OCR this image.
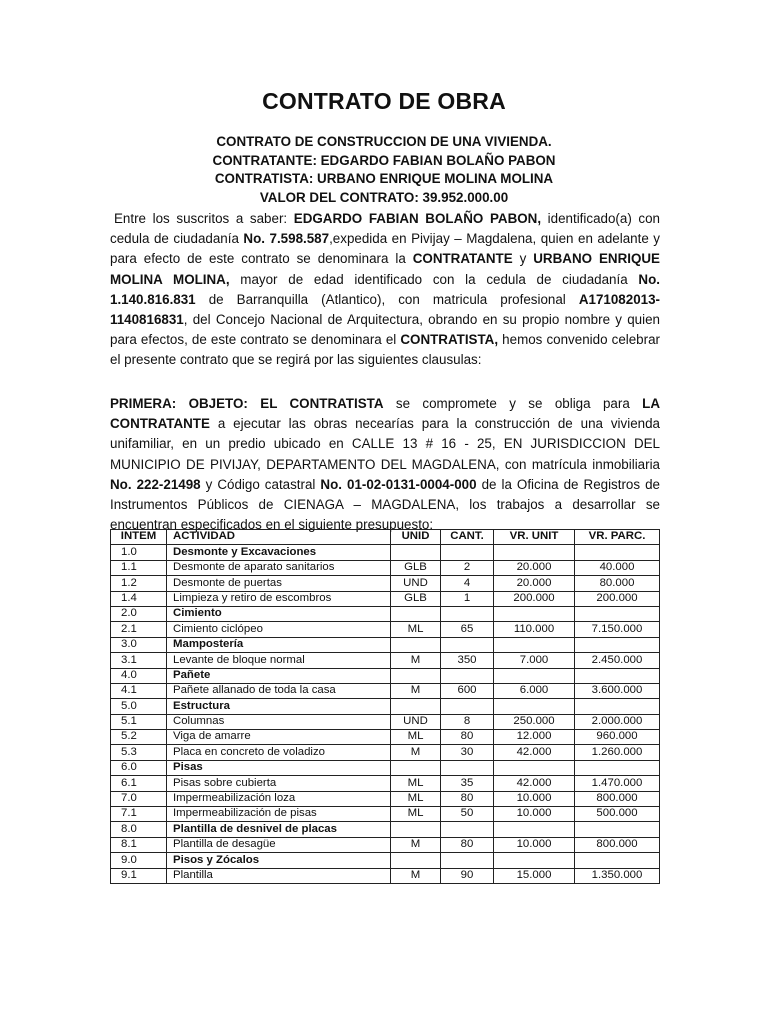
CONTRATO DE OBRA
CONTRATO DE CONSTRUCCION DE UNA VIVIENDA.
CONTRATANTE: EDGARDO FABIAN BOLAÑO PABON
CONTRATISTA: URBANO ENRIQUE MOLINA MOLINA
VALOR DEL CONTRATO: 39.952.000.00
Entre los suscritos a saber: EDGARDO FABIAN BOLAÑO PABON, identificado(a) con cedula de ciudadanía No. 7.598.587,expedida en Pivijay – Magdalena, quien en adelante y para efecto de este contrato se denominara la CONTRATANTE y URBANO ENRIQUE MOLINA MOLINA, mayor de edad identificado con la cedula de ciudadanía No. 1.140.816.831 de Barranquilla (Atlantico), con matricula profesional A171082013-1140816831, del Concejo Nacional de Arquitectura, obrando en su propio nombre y quien para efectos, de este contrato se denominara el CONTRATISTA, hemos convenido celebrar el presente contrato que se regirá por las siguientes clausulas:
PRIMERA: OBJETO: EL CONTRATISTA se compromete y se obliga para LA CONTRATANTE a ejecutar las obras necearías para la construcción de una vivienda unifamiliar, en un predio ubicado en CALLE 13 # 16 - 25, EN JURISDICCION DEL MUNICIPIO DE PIVIJAY, DEPARTAMENTO DEL MAGDALENA, con matrícula inmobiliaria No. 222-21498 y Código catastral No. 01-02-0131-0004-000 de la Oficina de Registros de Instrumentos Públicos de CIENAGA – MAGDALENA, los trabajos a desarrollar se encuentran especificados en el siguiente presupuesto:
INTEM	ACTIVIDAD	UNID	CANT.	VR. UNIT	VR. PARC.
1.0	Desmonte y Excavaciones				
1.1	Desmonte de aparato sanitarios	GLB	2	20.000	40.000
1.2	Desmonte de puertas	UND	4	20.000	80.000
1.4	Limpieza y retiro de escombros	GLB	1	200.000	200.000
2.0	Cimiento				
2.1	Cimiento ciclópeo	ML	65	110.000	7.150.000
3.0	Mampostería				
3.1	Levante de bloque normal	M	350	7.000	2.450.000
4.0	Pañete				
4.1	Pañete allanado de toda la casa	M	600	6.000	3.600.000
5.0	Estructura				
5.1	Columnas	UND	8	250.000	2.000.000
5.2	Viga de amarre	ML	80	12.000	960.000
5.3	Placa en concreto de voladizo	M	30	42.000	1.260.000
6.0	Pisas				
6.1	Pisas sobre cubierta	ML	35	42.000	1.470.000
7.0	Impermeabilización loza	ML	80	10.000	800.000
7.1	Impermeabilización de pisas	ML	50	10.000	500.000
8.0	Plantilla de desnivel de placas				
8.1	Plantilla de desagüe	M	80	10.000	800.000
9.0	Pisos y Zócalos				
9.1	Plantilla	M	90	15.000	1.350.000
